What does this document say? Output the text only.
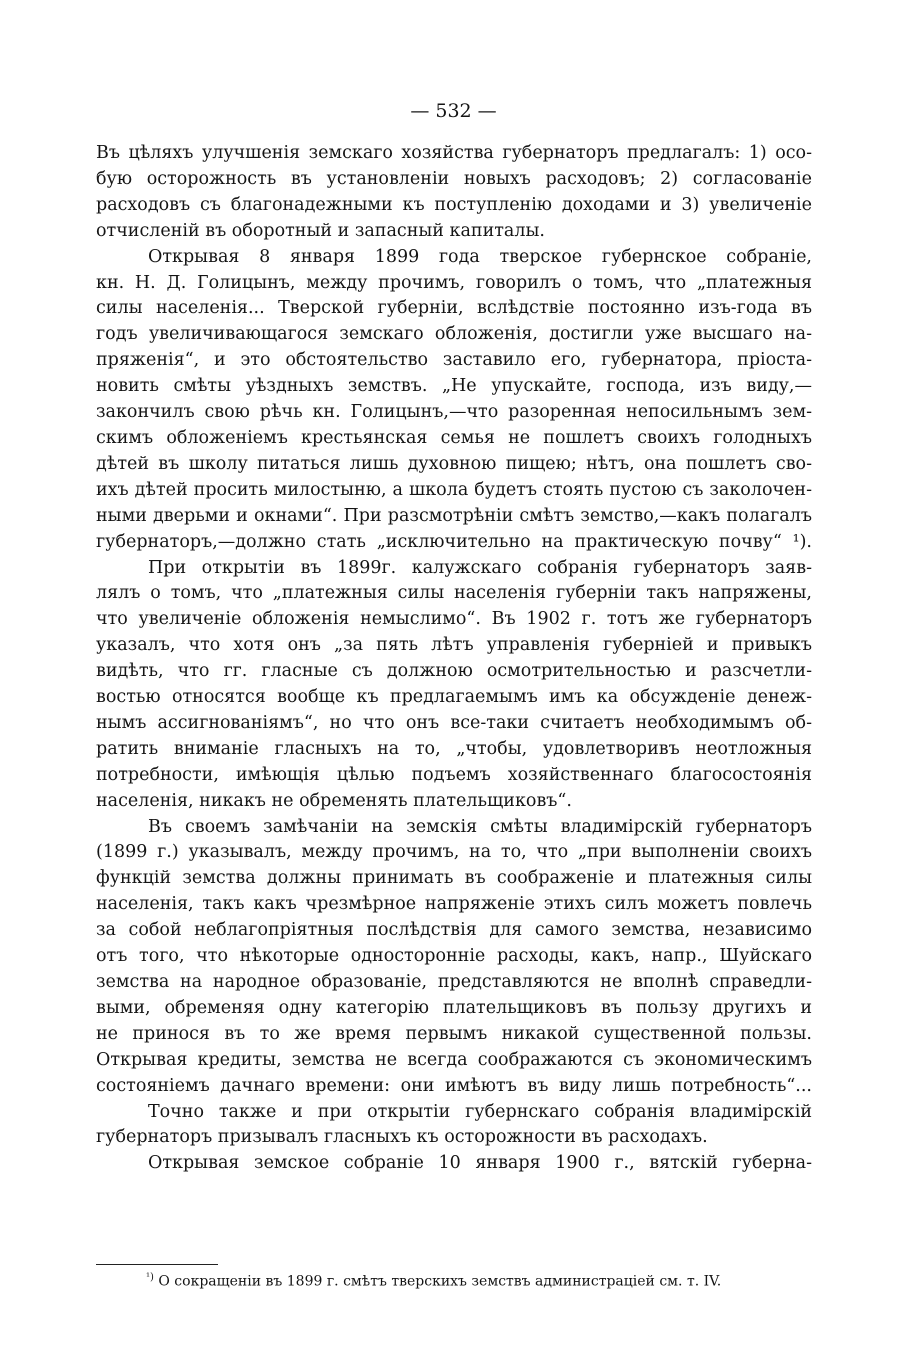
— 532 —

Въ цѣляхъ улучшенія земскаго хозяйства губернаторъ предлагалъ: 1) осо-

бую осторожность въ установленіи новыхъ расходовъ; 2) согласованіе

расходовъ съ благонадежными къ поступленію доходами и 3) увеличеніе

отчисленій въ оборотный и запасный капиталы.

Открывая 8 января 1899 года тверское губернское собраніе,

кн. Н. Д. Голицынъ, между прочимъ, говорилъ о томъ, что „платежныя

силы населенія... Тверской губерніи, вслѣдствіе постоянно изъ-года въ

годъ увеличивающагося земскаго обложенія, достигли уже высшаго на-

пряженія“, и это обстоятельство заставило его, губернатора, пріоста-

новить смѣты уѣздныхъ земствъ. „Не упускайте, господа, изъ виду,—

закончилъ свою рѣчь кн. Голицынъ,—что разоренная непосильнымъ зем-

скимъ обложеніемъ крестьянская семья не пошлетъ своихъ голодныхъ

дѣтей въ школу питаться лишь духовною пищею; нѣтъ, она пошлетъ сво-

ихъ дѣтей просить милостыню, а школа будетъ стоять пустою съ заколочен-

ными дверьми и окнами“. При разсмотрѣніи смѣтъ земство,—какъ полагалъ

губернаторъ,—должно стать „исключительно на практическую почву“ ¹).

При открытіи въ 1899г. калужскаго собранія губернаторъ заяв-

лялъ о томъ, что „платежныя силы населенія губерніи такъ напряжены,

что увеличеніе обложенія немыслимо“. Въ 1902 г. тотъ же губернаторъ

указалъ, что хотя онъ „за пять лѣтъ управленія губерніей и привыкъ

видѣть, что гг. гласные съ должною осмотрительностью и разсчетли-

востью относятся вообще къ предлагаемымъ имъ ка обсужденіе денеж-

нымъ ассигнованіямъ“, но что онъ все-таки считаетъ необходимымъ об-

ратить вниманіе гласныхъ на то, „чтобы, удовлетворивъ неотложныя

потребности, имѣющія цѣлью подъемъ хозяйственнаго благосостоянія

населенія, никакъ не обременять плательщиковъ“.

Въ своемъ замѣчаніи на земскія смѣты владимірскій губернаторъ

(1899 г.) указывалъ, между прочимъ, на то, что „при выполненіи своихъ

функцій земства должны принимать въ соображеніе и платежныя силы

населенія, такъ какъ чрезмѣрное напряженіе этихъ силъ можетъ повлечь

за собой неблагопріятныя послѣдствія для самого земства, независимо

отъ того, что нѣкоторые односторонніе расходы, какъ, напр., Шуйскаго

земства на народное образованіе, представляются не вполнѣ справедли-

выми, обременяя одну категорію плательщиковъ въ пользу другихъ и

не принося въ то же время первымъ никакой существенной пользы.

Открывая кредиты, земства не всегда соображаются съ экономическимъ

состояніемъ дачнаго времени: они имѣютъ въ виду лишь потребность“...

Точно также и при открытіи губернскаго собранія владимірскій

губернаторъ призывалъ гласныхъ къ осторожности въ расходахъ.

Открывая земское собраніе 10 января 1900 г., вятскій губерна-

$^{^1)}$ О сокращеніи въ 1899 г. смѣтъ тверскихъ земствъ администраціей см. т. IV.
